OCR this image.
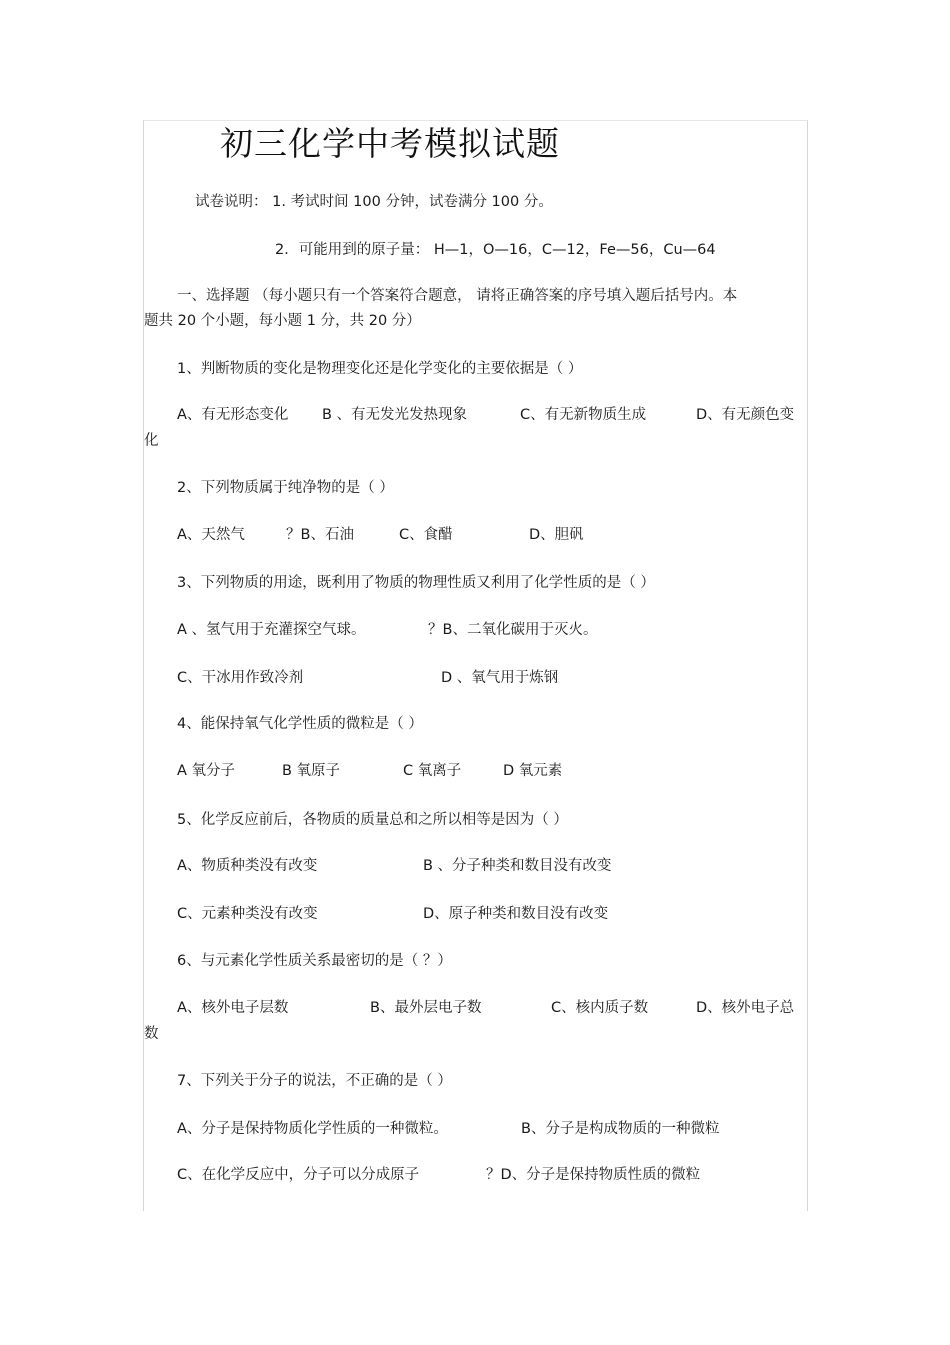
初三化学中考模拟试题
试卷说明： 1. 考试时间 100 分钟，试卷满分 100 分。
2．可能用到的原子量： H—1，O—16，C—12，Fe—56，Cu—64
一、选择题 （每小题只有一个答案符合题意， 请将正确答案的序号填入题后括号内。本
题共 20 个小题，每小题 1 分，共 20 分）
1、判断物质的变化是物理变化还是化学变化的主要依据是（ ）
A、有无形态变化 B 、有无发光发热现象	C、有无新物质生成	D、有无颜色变
化
2、下列物质属于纯净物的是（ ）
A、天然气	？B、石油	C、食醋	D、胆矾
3、下列物质的用途，既利用了物质的物理性质又利用了化学性质的是（ ）
A 、氢气用于充灌探空气球。	？B、二氧化碳用于灭火。
C、干冰用作致冷剂	D 、氧气用于炼钢
4、能保持氧气化学性质的微粒是（ ）
A 氧分子	B 氧原子	C 氧离子	D 氧元素
5、化学反应前后，各物质的质量总和之所以相等是因为（ ）
A、物质种类没有改变	B 、分子种类和数目没有改变
C、元素种类没有改变	D、原子种类和数目没有改变
6、与元素化学性质关系最密切的是（ ？）
A、核外电子层数	B、最外层电子数	C、核内质子数	D、核外电子总
数
7、下列关于分子的说法，不正确的是（ ）
A、分子是保持物质化学性质的一种微粒。	B、分子是构成物质的一种微粒
C、在化学反应中，分子可以分成原子	？D、分子是保持物质性质的微粒
